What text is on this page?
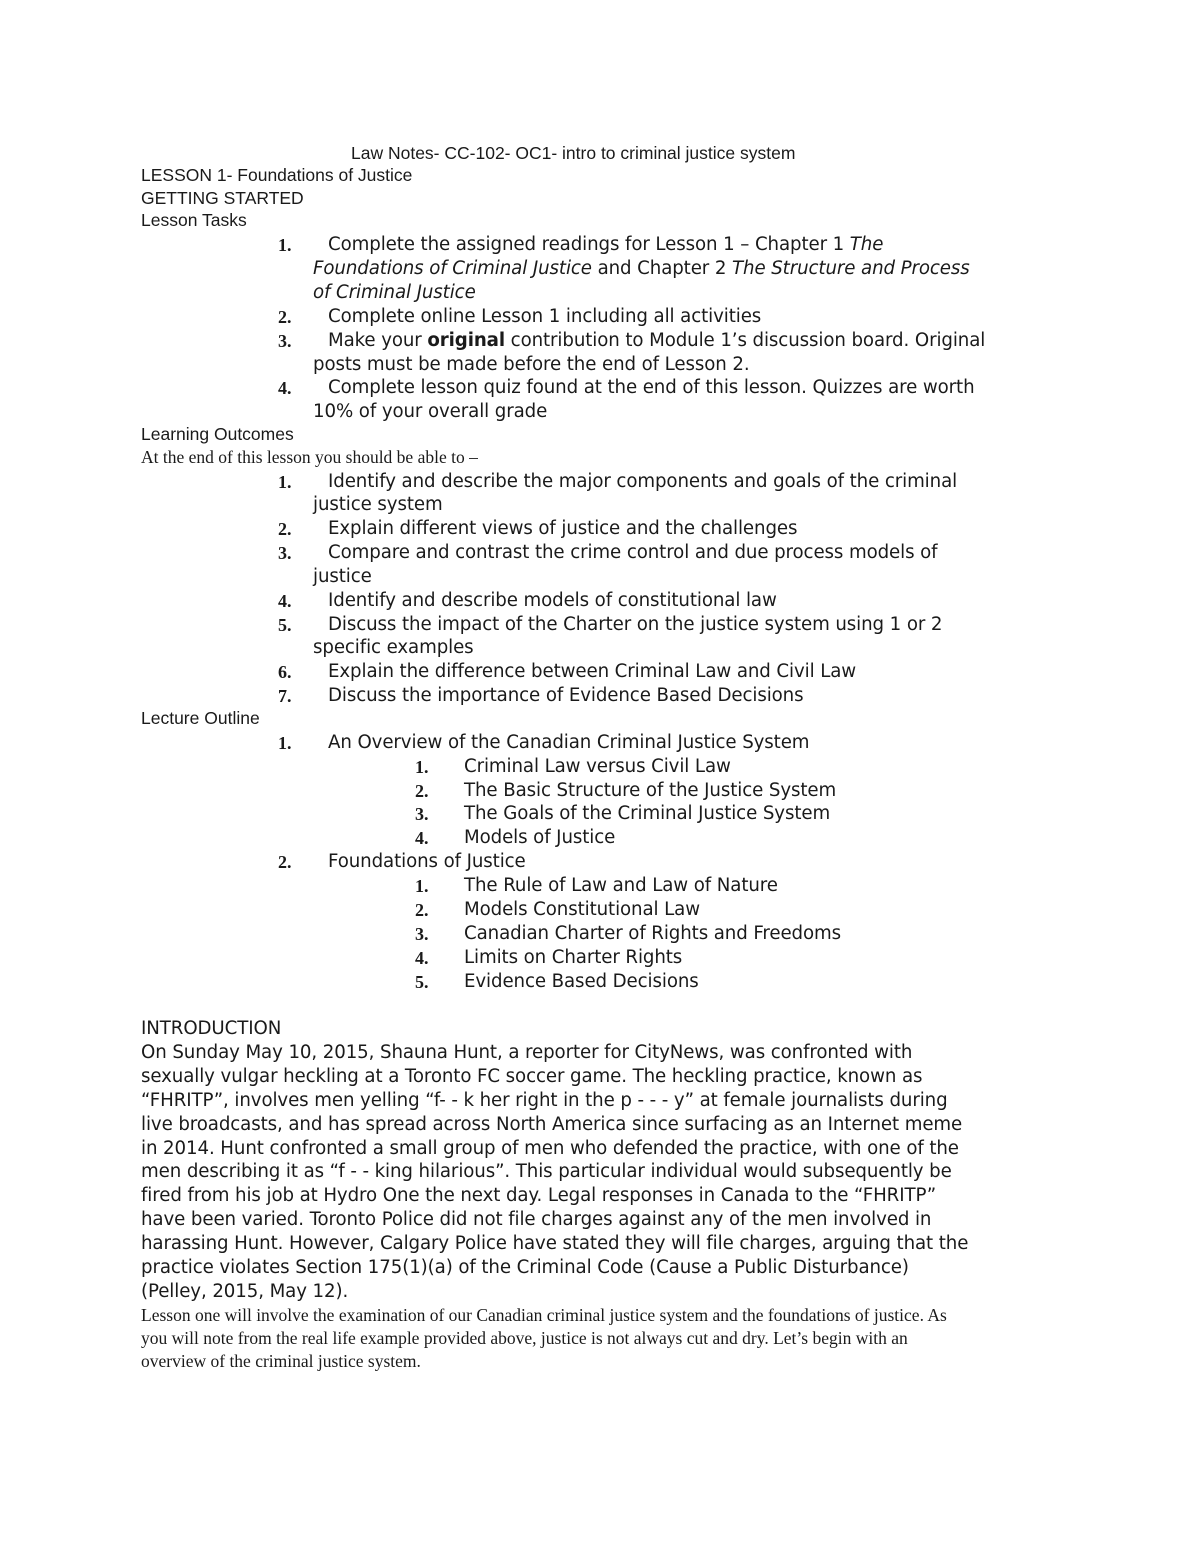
Law Notes- CC-102- OC1- intro to criminal justice system
LESSON 1- Foundations of Justice
GETTING STARTED
Lesson Tasks
1. Complete the assigned readings for Lesson 1 – Chapter 1 The
Foundations of Criminal Justice and Chapter 2 The Structure and Process
of Criminal Justice
2. Complete online Lesson 1 including all activities
3. Make your original contribution to Module 1’s discussion board. Original
posts must be made before the end of Lesson 2.
4. Complete lesson quiz found at the end of this lesson. Quizzes are worth
10% of your overall grade
Learning Outcomes
At the end of this lesson you should be able to –
1. Identify and describe the major components and goals of the criminal
justice system
2. Explain different views of justice and the challenges
3. Compare and contrast the crime control and due process models of
justice
4. Identify and describe models of constitutional law
5. Discuss the impact of the Charter on the justice system using 1 or 2
specific examples
6. Explain the difference between Criminal Law and Civil Law
7. Discuss the importance of Evidence Based Decisions
Lecture Outline
1. An Overview of the Canadian Criminal Justice System
1. Criminal Law versus Civil Law
2. The Basic Structure of the Justice System
3. The Goals of the Criminal Justice System
4. Models of Justice
2. Foundations of Justice
1. The Rule of Law and Law of Nature
2. Models Constitutional Law
3. Canadian Charter of Rights and Freedoms
4. Limits on Charter Rights
5. Evidence Based Decisions
INTRODUCTION
On Sunday May 10, 2015, Shauna Hunt, a reporter for CityNews, was confronted with
sexually vulgar heckling at a Toronto FC soccer game. The heckling practice, known as
“FHRITP”, involves men yelling “f- - k her right in the p - - - y” at female journalists during
live broadcasts, and has spread across North America since surfacing as an Internet meme
in 2014. Hunt confronted a small group of men who defended the practice, with one of the
men describing it as “f - - king hilarious”. This particular individual would subsequently be
fired from his job at Hydro One the next day. Legal responses in Canada to the “FHRITP”
have been varied. Toronto Police did not file charges against any of the men involved in
harassing Hunt. However, Calgary Police have stated they will file charges, arguing that the
practice violates Section 175(1)(a) of the Criminal Code (Cause a Public Disturbance)
(Pelley, 2015, May 12).
Lesson one will involve the examination of our Canadian criminal justice system and the foundations of justice. As
you will note from the real life example provided above, justice is not always cut and dry. Let’s begin with an
overview of the criminal justice system.
